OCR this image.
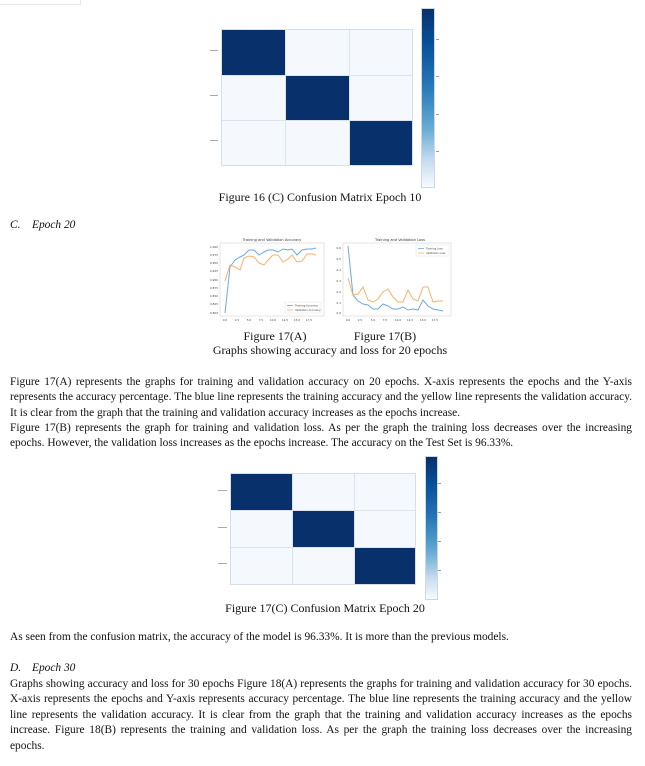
Figure 16 (C) Confusion Matrix Epoch 10
C. Epoch 20
Training and Validation Accuracy
1.000
0.975
0.950
0.925
0.900
0.875
0.850
0.825
0.800
0.0	2.5	5.0	7.5 10.0 12.5 15.0 17.5
Training Accuracy
Validation Accuracy
Training and Validation Loss
0.6
0.5
0.4
0.3
0.2
0.1
0.0
0.0	2.5	5.0	7.5	10.0 12.5 15.0 17.5
Training Loss
Validation Loss
Figure 17(A)	Figure 17(B)
Graphs showing accuracy and loss for 20 epochs
Figure 17(A) represents the graphs for training and validation accuracy on 20 epochs. X-axis represents the epochs and the Y-axis represents the accuracy percentage. The blue line represents the training accuracy and the yellow line represents the validation accuracy. It is clear from the graph that the training and validation accuracy increases as the epochs increase.
Figure 17(B) represents the graph for training and validation loss. As per the graph the training loss decreases over the increasing epochs. However, the validation loss increases as the epochs increase. The accuracy on the Test Set is 96.33%.
Figure 17(C) Confusion Matrix Epoch 20
As seen from the confusion matrix, the accuracy of the model is 96.33%. It is more than the previous models.
D. Epoch 30
Graphs showing accuracy and loss for 30 epochs Figure 18(A) represents the graphs for training and validation accuracy for 30 epochs. X-axis represents the epochs and Y-axis represents accuracy percentage. The blue line represents the training accuracy and the yellow line represents the validation accuracy. It is clear from the graph that the training and validation accuracy increases as the epochs increase. Figure 18(B) represents the training and validation loss. As per the graph the training loss decreases over the increasing epochs.
